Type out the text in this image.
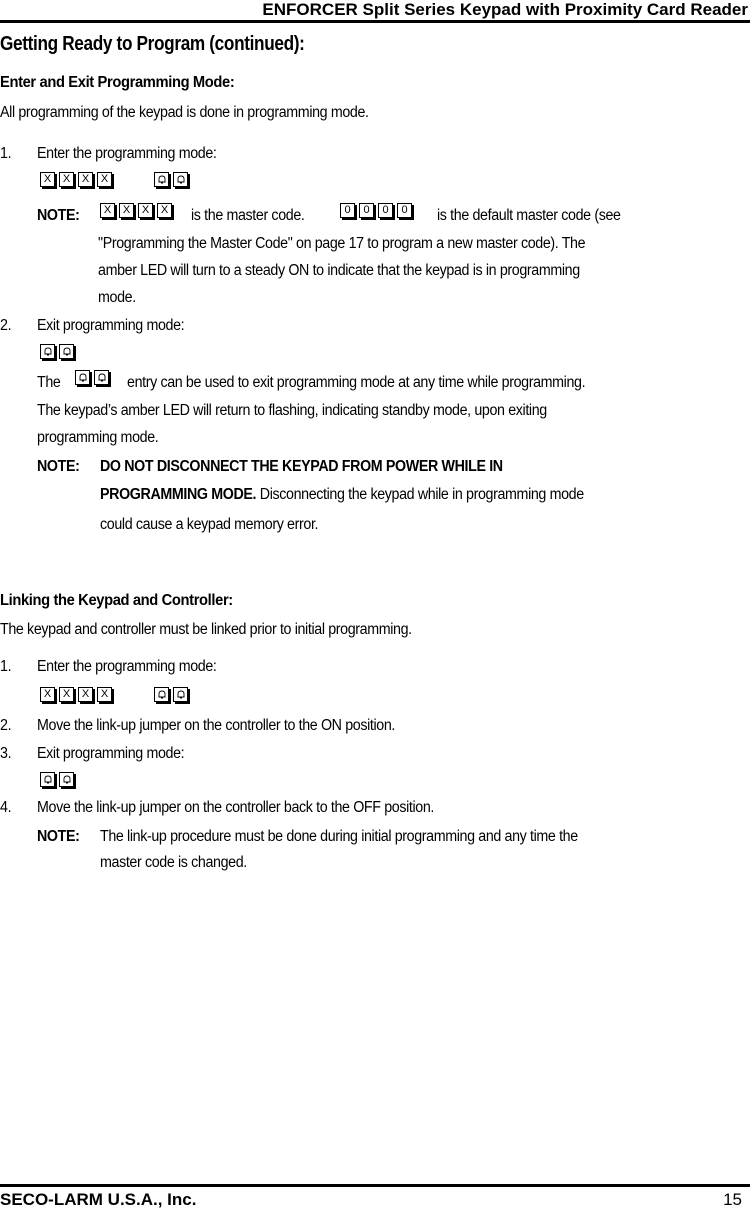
ENFORCER Split Series Keypad with Proximity Card Reader
Getting Ready to Program (continued):
Enter and Exit Programming Mode:
All programming of the keypad is done in programming mode.
1. Enter the programming mode:
X X X X
NOTE: X X X X is the master code.	0	0	0	0 is the default master code (see
"Programming the Master Code" on page 17 to program a new master code). The
amber LED will turn to a steady ON to indicate that the keypad is in programming
mode.
2. Exit programming mode:
The	entry can be used to exit programming mode at any time while programming.
The keypad’s amber LED will return to flashing, indicating standby mode, upon exiting
programming mode.
NOTE: DO NOT DISCONNECT THE KEYPAD FROM POWER WHILE IN
PROGRAMMING MODE. Disconnecting the keypad while in programming mode
could cause a keypad memory error.
Linking the Keypad and Controller:
The keypad and controller must be linked prior to initial programming.
1. Enter the programming mode:
X X X X
2. Move the link-up jumper on the controller to the ON position.
3. Exit programming mode:
4. Move the link-up jumper on the controller back to the OFF position.
NOTE: The link-up procedure must be done during initial programming and any time the
master code is changed.
SECO-LARM U.S.A., Inc.	15
